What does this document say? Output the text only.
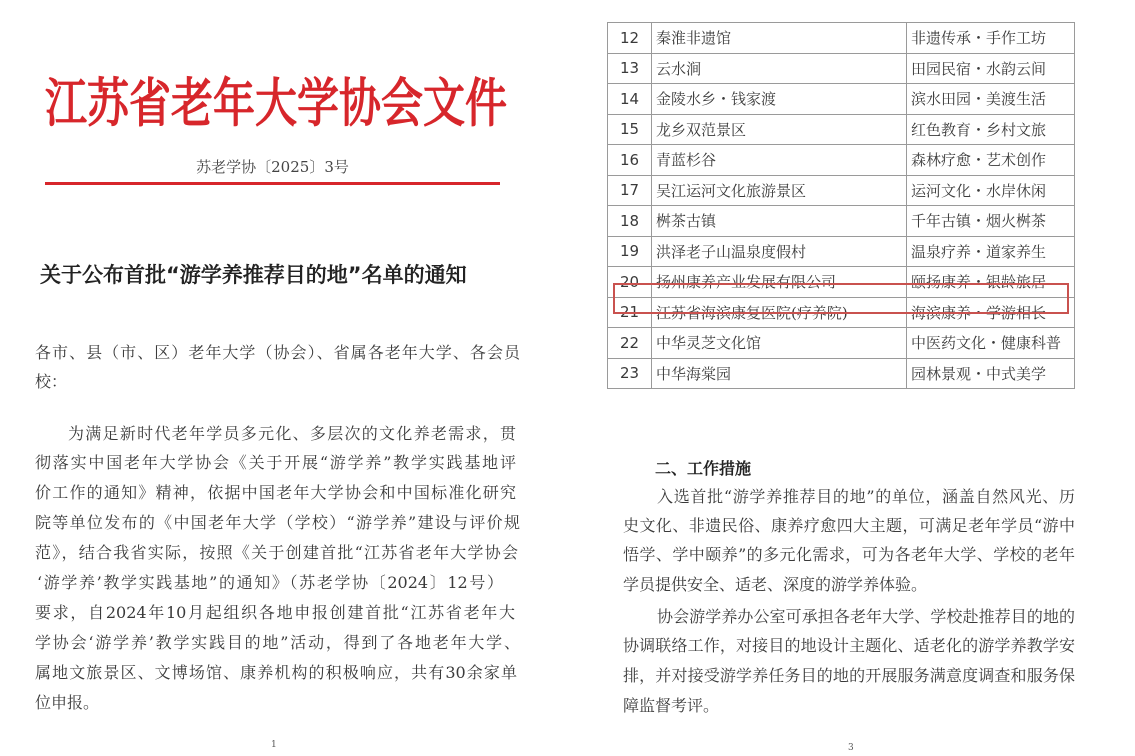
江苏省老年大学协会文件
苏老学协〔2025〕3号
关于公布首批“游学养推荐目的地”名单的通知
各市、县（市、区）老年大学（协会）、省属各老年大学、各会员
校：
为满足新时代老年学员多元化、多层次的文化养老需求，贯
彻落实中国老年大学协会《关于开展“游学养”教学实践基地评
价工作的通知》精神，依据中国老年大学协会和中国标准化研究
院等单位发布的《中国老年大学（学校）“游学养”建设与评价规
范》，结合我省实际，按照《关于创建首批“江苏省老年大学协会
‘游学养’教学实践基地”的通知》（苏老学协〔2024〕12号）
要求，自2024年10月起组织各地申报创建首批“江苏省老年大
学协会‘游学养’教学实践目的地”活动，得到了各地老年大学、
属地文旅景区、文博场馆、康养机构的积极响应，共有30余家单
位申报。
1
12	秦淮非遗馆	非遗传承・手作工坊
13	云水涧	田园民宿・水韵云间
14	金陵水乡・钱家渡	滨水田园・美渡生活
15	龙乡双范景区	红色教育・乡村文旅
16	青蓝杉谷	森林疗愈・艺术创作
17	吴江运河文化旅游景区	运河文化・水岸休闲
18	桝茶古镇	千年古镇・烟火桝茶
19	洪泽老子山温泉度假村	温泉疗养・道家养生
20	扬州康养产业发展有限公司	颐扬康养・银龄旅居
21	江苏省海滨康复医院(疗养院)	海滨康养・学游相长
22	中华灵芝文化馆	中医药文化・健康科普
23	中华海棠园	园林景观・中式美学
二、工作措施
入选首批“游学养推荐目的地”的单位，涵盖自然风光、历
史文化、非遗民俗、康养疗愈四大主题，可满足老年学员“游中
悟学、学中颐养”的多元化需求，可为各老年大学、学校的老年
学员提供安全、适老、深度的游学养体验。
协会游学养办公室可承担各老年大学、学校赴推荐目的地的
协调联络工作，对接目的地设计主题化、适老化的游学养教学安
排，并对接受游学养任务目的地的开展服务满意度调查和服务保
障监督考评。
3
